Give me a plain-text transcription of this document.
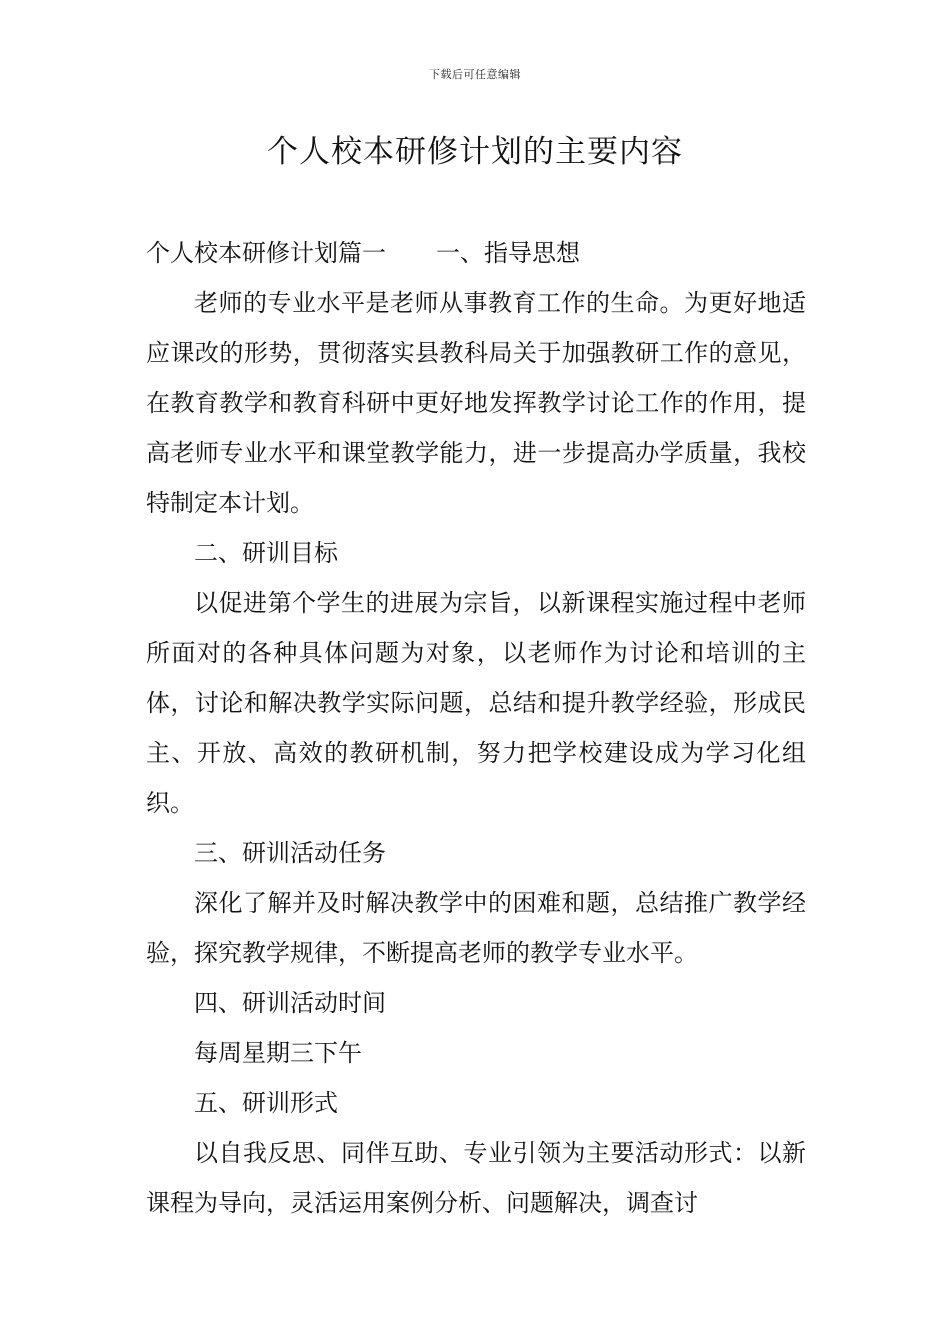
下载后可任意编辑
个人校本研修计划的主要内容

个人校本研修计划篇一 一、指导思想

老师的专业水平是老师从事教育工作的生命。为更好地适应课改的形势，贯彻落实县教科局关于加强教研工作的意见，在教育教学和教育科研中更好地发挥教学讨论工作的作用，提高老师专业水平和课堂教学能力，进一步提高办学质量，我校特制定本计划。

二、研训目标

以促进第个学生的进展为宗旨，以新课程实施过程中老师所面对的各种具体问题为对象，以老师作为讨论和培训的主体，讨论和解决教学实际问题，总结和提升教学经验，形成民主、开放、高效的教研机制，努力把学校建设成为学习化组织。

三、研训活动任务

深化了解并及时解决教学中的困难和题，总结推广教学经验，探究教学规律，不断提高老师的教学专业水平。

四、研训活动时间

每周星期三下午

五、研训形式

以自我反思、同伴互助、专业引领为主要活动形式：以新课程为导向，灵活运用案例分析、问题解决，调查讨
